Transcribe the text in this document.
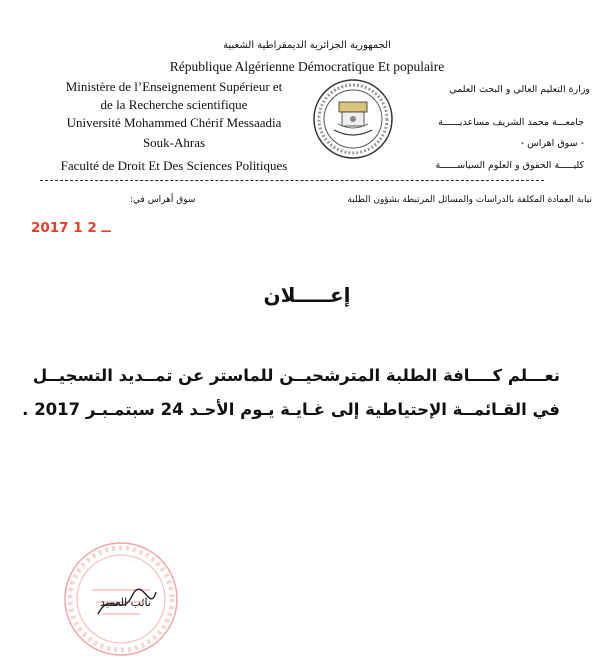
الجمهورية الجزائرية الديمقراطية الشعبية
République Algérienne Démocratique Et populaire
Ministère de l’Enseignement Supérieur et
de la Recherche scientifique
Université Mohammed Chérif Messaadia
Souk-Ahras
Faculté de Droit Et Des Sciences Politiques
وزارة التعليم العالي و البحث العلمي
جامعـــة محمد الشريف مساعديــــــة
- سوق اهراس -
كليـــــة الحقوق و العلوم السياســــــة
نيابة العمادة المكلفة بالدراسات والمسائل المرتبطة بشؤون الطلبة
سوق أهراس في:
2017 ــ 2 1
إعـــــلان
نعـــلم كــــافة الطلبة المترشحيــن للماستر عن تمــديد التسجيــل
في القـائمــة الإحتياطية إلى غـايـة يـوم الأحـد 24 سبتمـبـر 2017 .
نائب العميد
